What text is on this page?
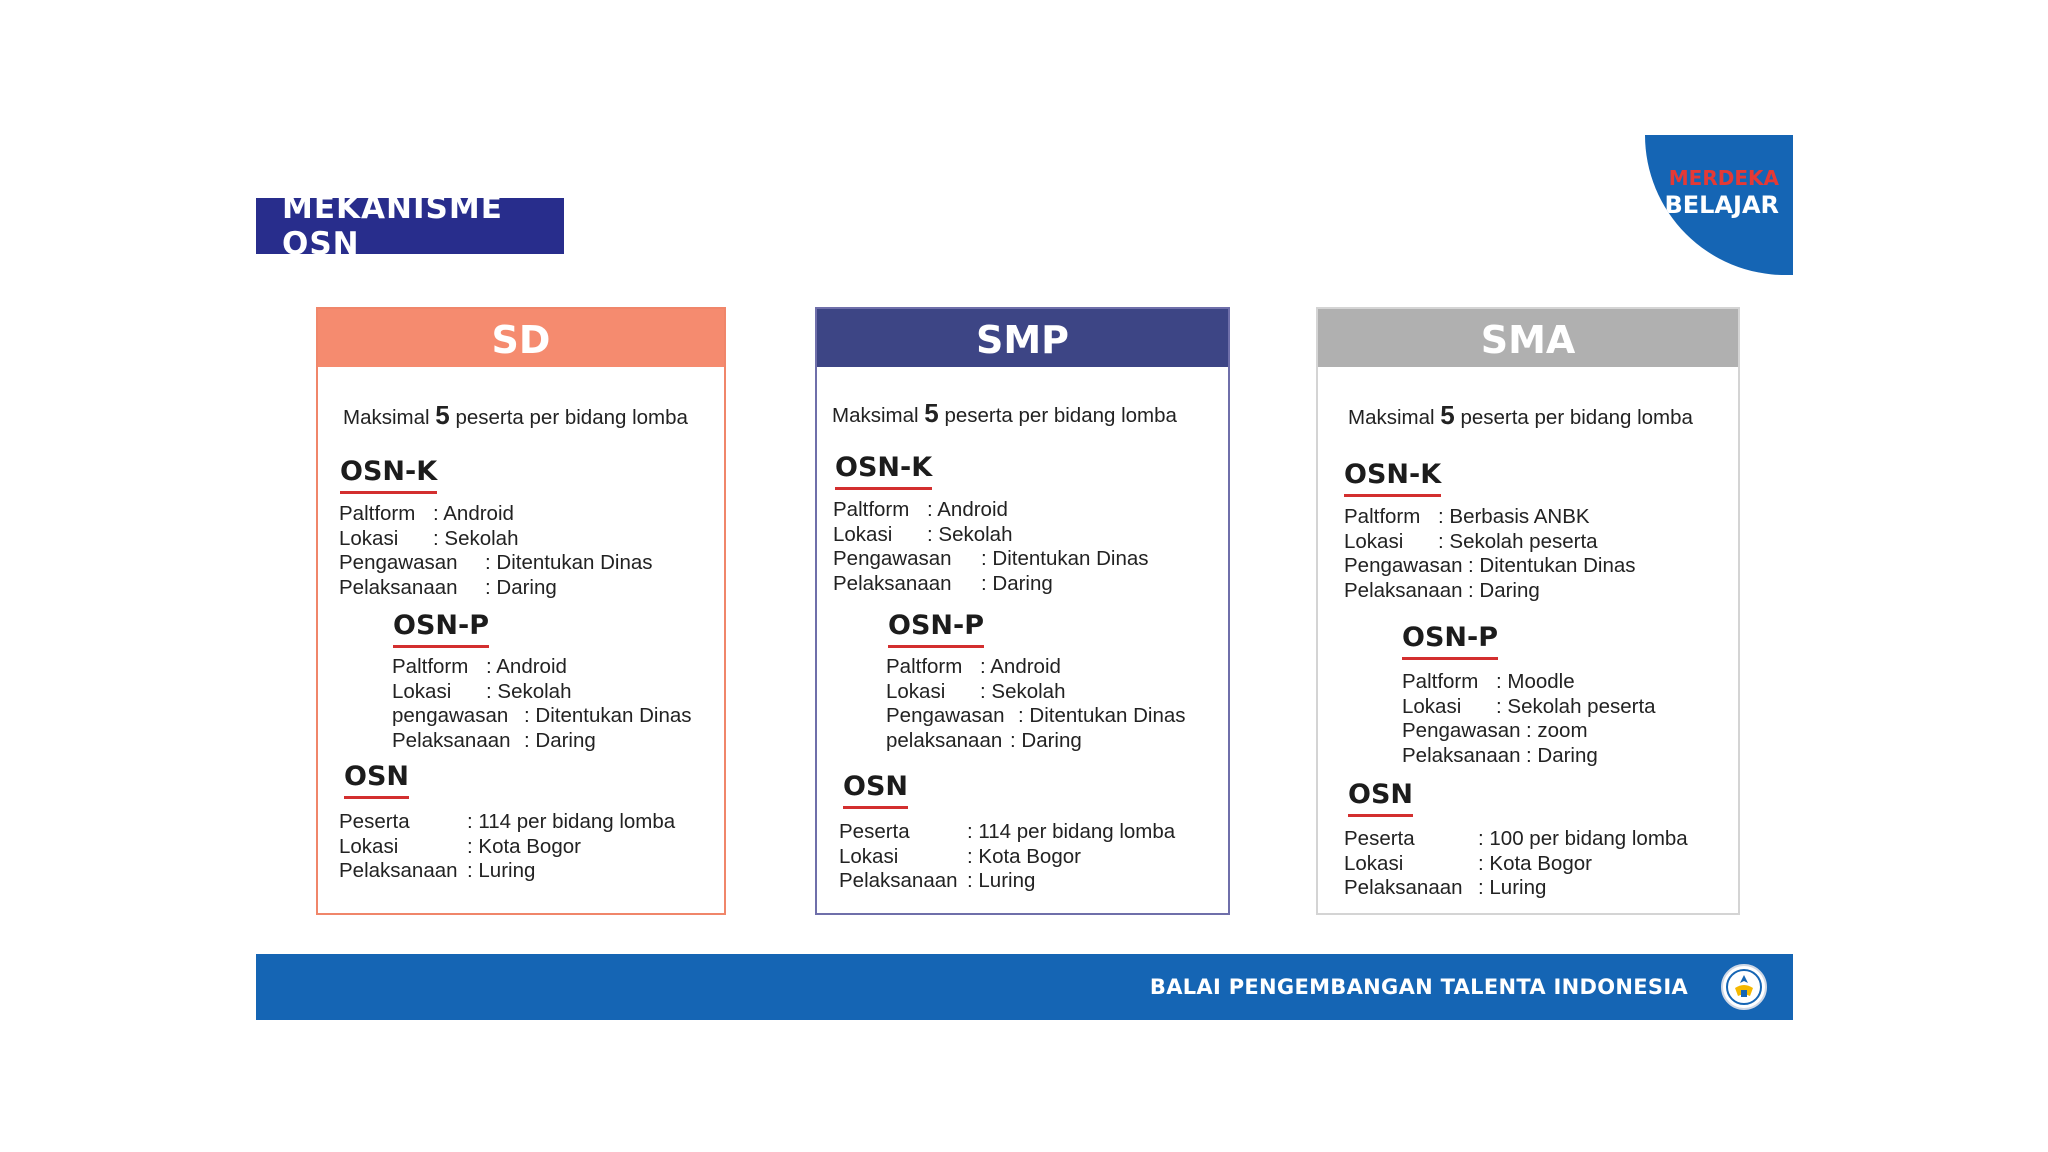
MEKANISME OSN
MERDEKA
BELAJAR
SD
Maksimal 5 peserta per bidang lomba
OSN-K
Paltform : Android
Lokasi : Sekolah
Pengawasan : Ditentukan Dinas
Pelaksanaan : Daring
OSN-P
Paltform : Android
Lokasi : Sekolah
pengawasan : Ditentukan Dinas
Pelaksanaan : Daring
OSN
Peserta	: 114 per bidang lomba
Lokasi	: Kota Bogor
Pelaksanaan : Luring
SMP
Maksimal 5 peserta per bidang lomba
OSN-K
Paltform : Android
Lokasi : Sekolah
Pengawasan : Ditentukan Dinas
Pelaksanaan : Daring
OSN-P
Paltform : Android
Lokasi : Sekolah
Pengawasan : Ditentukan Dinas
pelaksanaan : Daring
OSN
Peserta	: 114 per bidang lomba
Lokasi	: Kota Bogor
Pelaksanaan : Luring
SMA
Maksimal 5 peserta per bidang lomba
OSN-K
Paltform : Berbasis ANBK
Lokasi : Sekolah peserta
Pengawasan : Ditentukan Dinas
Pelaksanaan : Daring
OSN-P
Paltform : Moodle
Lokasi : Sekolah peserta
Pengawasan : zoom
Pelaksanaan : Daring
OSN
Peserta	: 100 per bidang lomba
Lokasi	: Kota Bogor
Pelaksanaan : Luring
BALAI PENGEMBANGAN TALENTA INDONESIA
